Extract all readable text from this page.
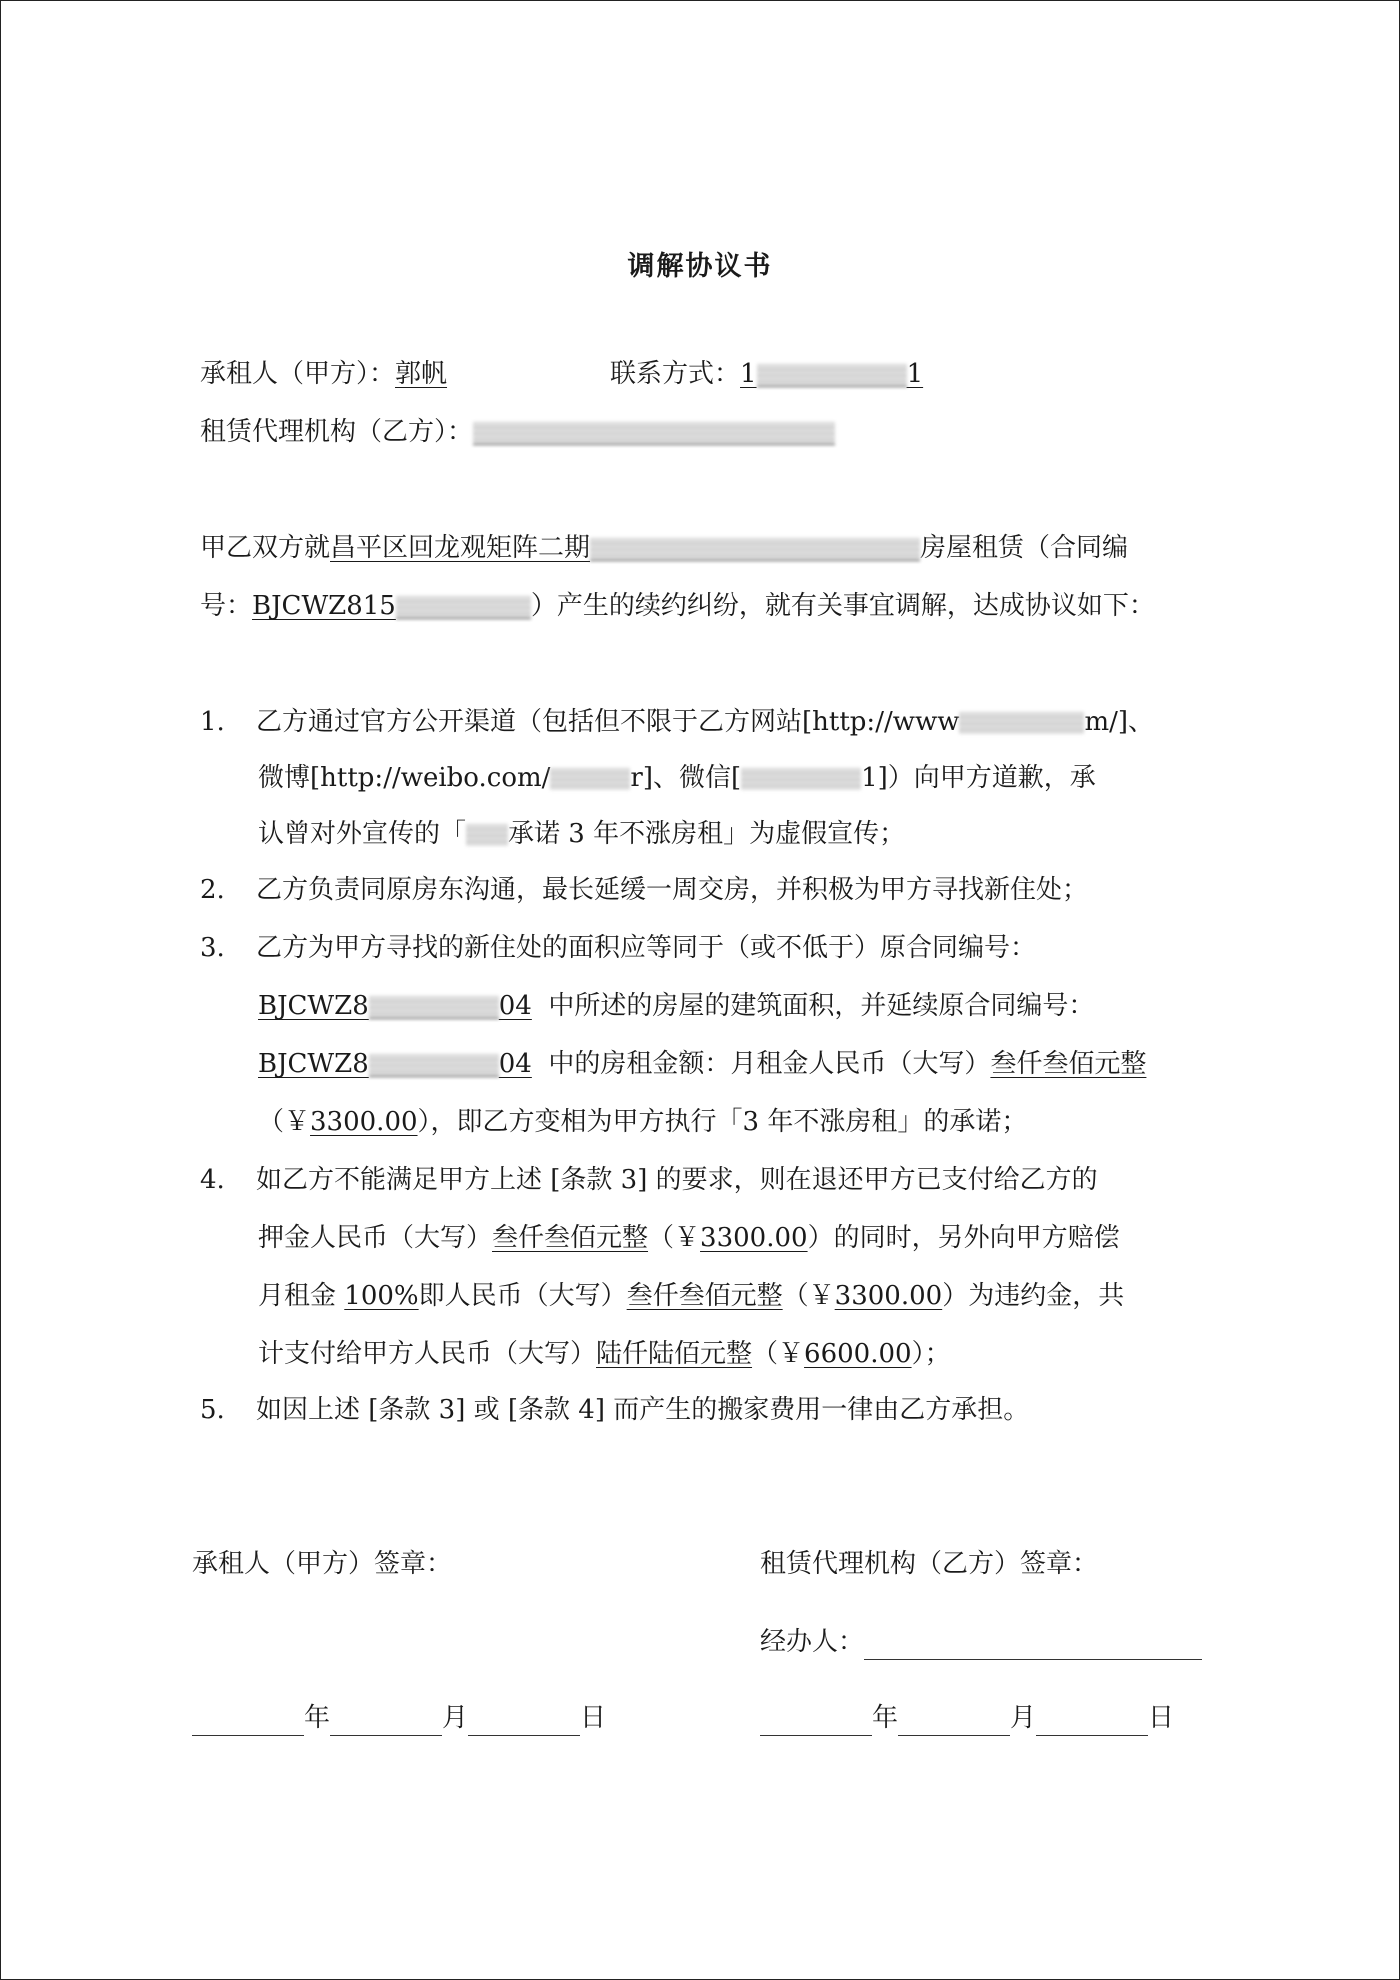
调解协议书
承租人（甲方）：郭帆	联系方式：1	1
租赁代理机构（乙方）：
甲乙双方就昌平区回龙观矩阵二期	房屋租赁（合同编
号：BJCWZ815	）产生的续约纠纷，就有关事宜调解，达成协议如下：
1. 乙方通过官方公开渠道（包括但不限于乙方网站[http://www	m/]、
微博[http://weibo.com/	r]、微信[	1]）向甲方道歉，承
认曾对外宣传的「 承诺 3 年不涨房租」为虚假宣传；
2. 乙方负责同原房东沟通，最长延缓一周交房，并积极为甲方寻找新住处；
3. 乙方为甲方寻找的新住处的面积应等同于（或不低于）原合同编号：
BJCWZ8	04 中所述的房屋的建筑面积，并延续原合同编号：
BJCWZ8	04 中的房租金额：月租金人民币（大写）叁仟叁佰元整
（￥3300.00），即乙方变相为甲方执行「3 年不涨房租」的承诺；
4. 如乙方不能满足甲方上述 [条款 3] 的要求，则在退还甲方已支付给乙方的
押金人民币（大写）叁仟叁佰元整（￥3300.00）的同时，另外向甲方赔偿
月租金 100%即人民币（大写）叁仟叁佰元整（￥3300.00）为违约金，共
计支付给甲方人民币（大写）陆仟陆佰元整（￥6600.00）；
5. 如因上述 [条款 3] 或 [条款 4] 而产生的搬家费用一律由乙方承担。
承租人（甲方）签章：	租赁代理机构（乙方）签章：
经办人：
年	月	日	年	月	日
